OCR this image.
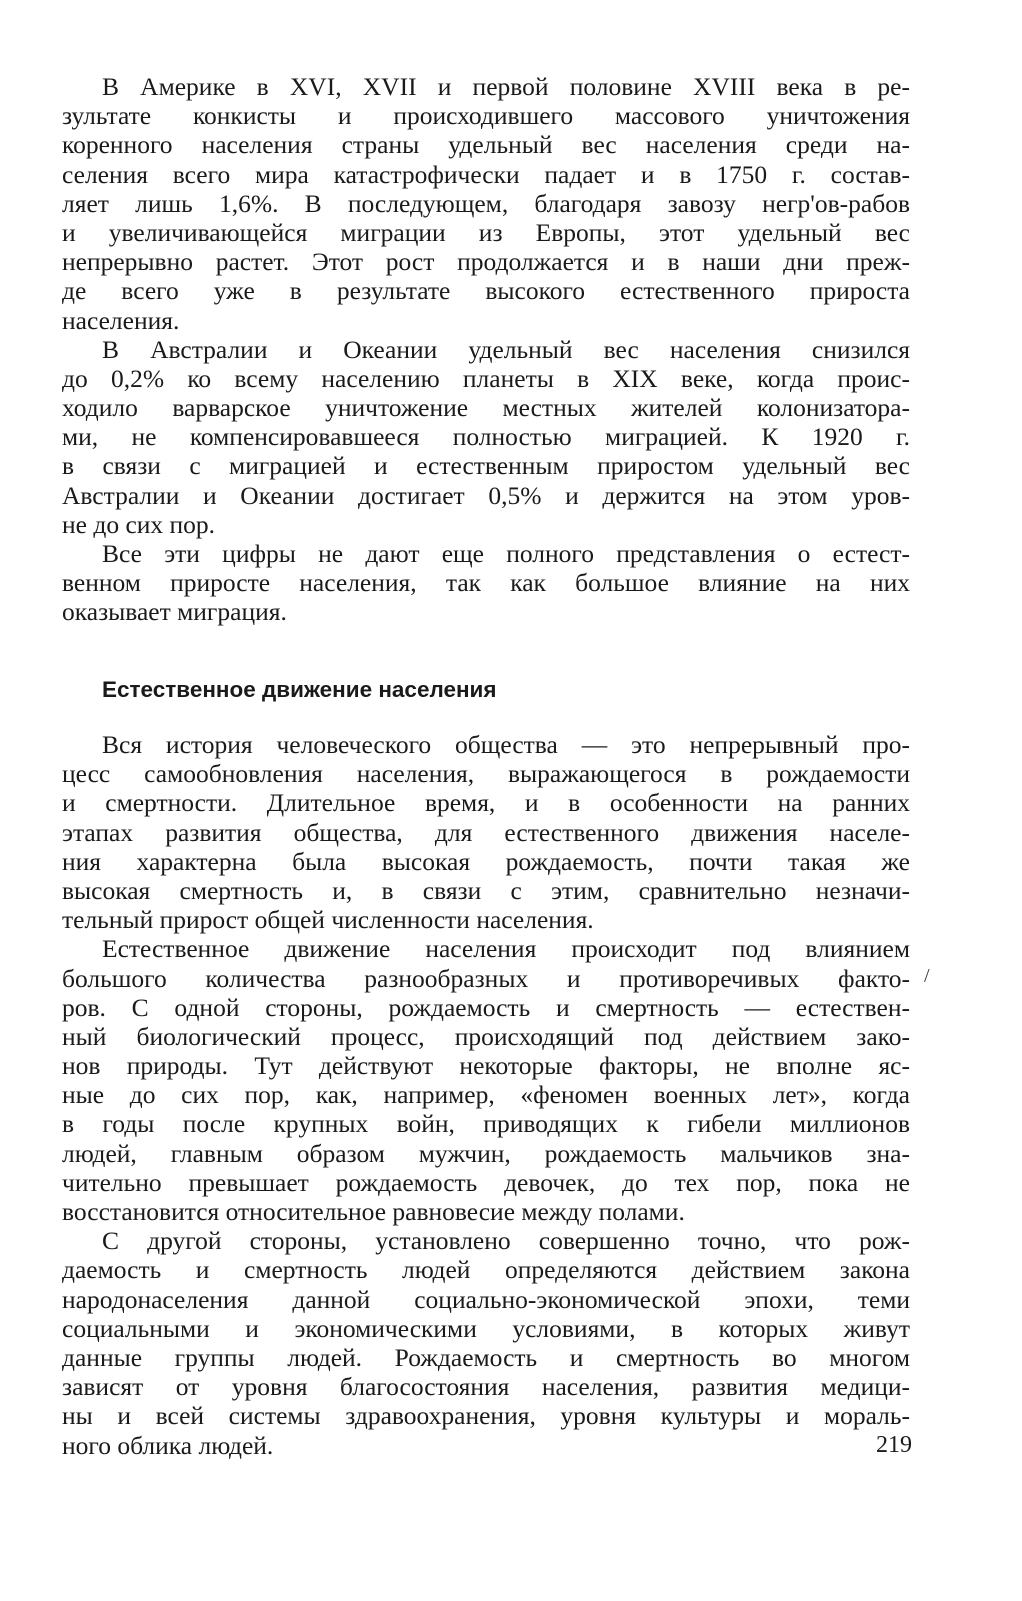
В Америке в XVI, XVII и первой половине XVIII века в ре-
зультате конкисты и происходившего массового уничтожения
коренного населения страны удельный вес населения среди на-
селения всего мира катастрофически падает и в 1750 г. состав-
ляет лишь 1,6%. В последующем, благодаря завозу негр'ов-рабов
и увеличивающейся миграции из Европы, этот удельный вес
непрерывно растет. Этот рост продолжается и в наши дни преж-
де всего уже в результате высокого естественного прироста
населения.
В Австралии и Океании удельный вес населения снизился
до 0,2% ко всему населению планеты в XIX веке, когда проис-
ходило варварское уничтожение местных жителей колонизатора-
ми, не компенсировавшееся полностью миграцией. К 1920 г.
в связи с миграцией и естественным приростом удельный вес
Австралии и Океании достигает 0,5% и держится на этом уров-
не до сих пор.
Все эти цифры не дают еще полного представления о естест-
венном приросте населения, так как большое влияние на них
оказывает миграция.
Естественное движение населения
Вся история человеческого общества — это непрерывный про-
цесс самообновления населения, выражающегося в рождаемости
и смертности. Длительное время, и в особенности на ранних
этапах развития общества, для естественного движения населе-
ния характерна была высокая рождаемость, почти такая же
высокая смертность и, в связи с этим, сравнительно незначи-
тельный прирост общей численности населения.
Естественное движение населения происходит под влиянием
большого количества разнообразных и противоречивых факто-
ров. С одной стороны, рождаемость и смертность — естествен-
ный биологический процесс, происходящий под действием зако-
нов природы. Тут действуют некоторые факторы, не вполне яс-
ные до сих пор, как, например, «феномен военных лет», когда
в годы после крупных войн, приводящих к гибели миллионов
людей, главным образом мужчин, рождаемость мальчиков зна-
чительно превышает рождаемость девочек, до тех пор, пока не
восстановится относительное равновесие между полами.
С другой стороны, установлено совершенно точно, что рож-
даемость и смертность людей определяются действием закона
народонаселения данной социально-экономической эпохи, теми
социальными и экономическими условиями, в которых живут
данные группы людей. Рождаемость и смертность во многом
зависят от уровня благосостояния населения, развития медици-
ны и всей системы здравоохранения, уровня культуры и мораль-
ного облика людей.
/
219
